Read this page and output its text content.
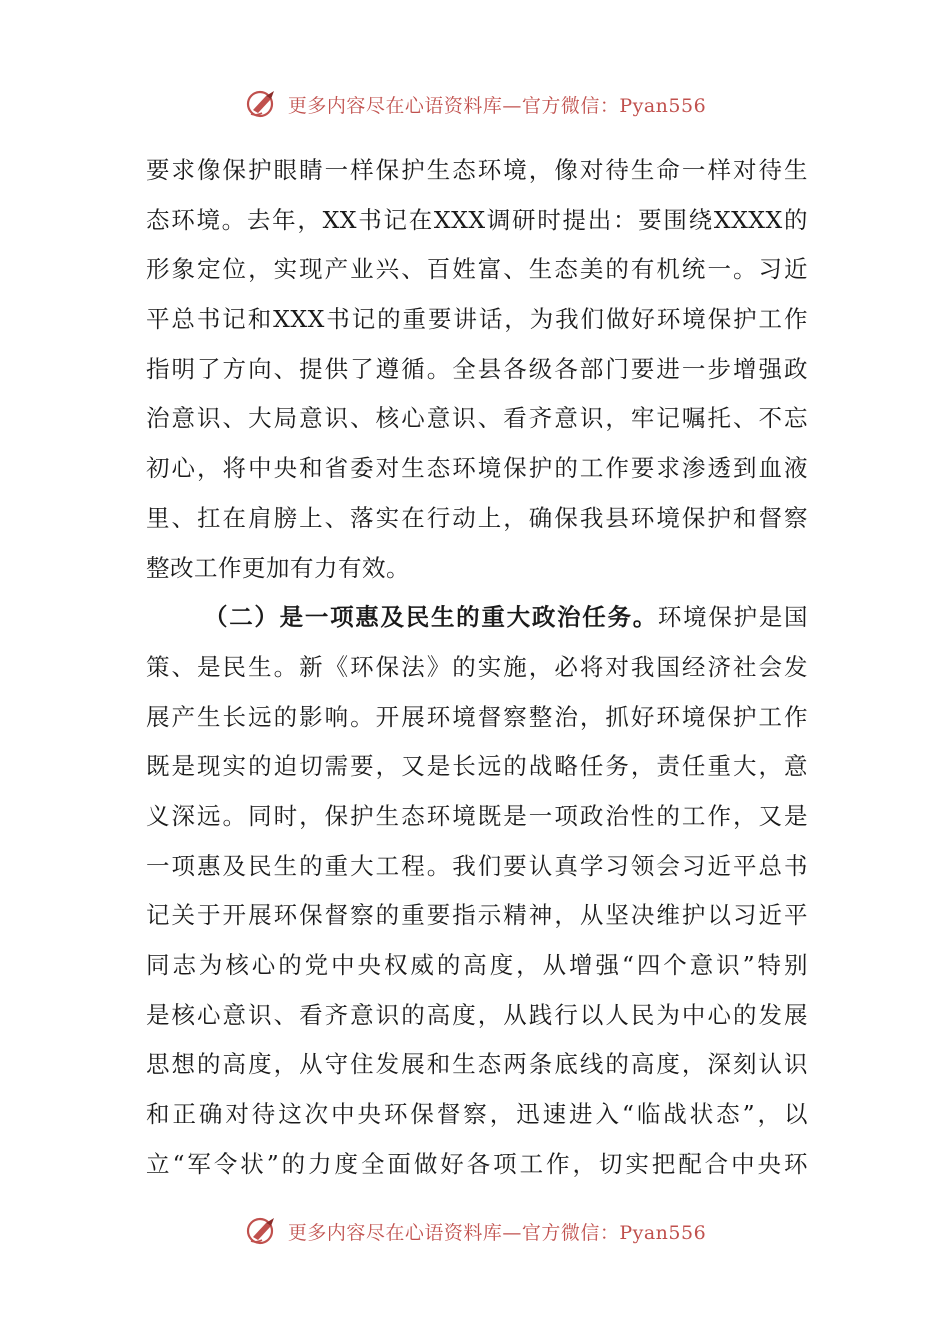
更多内容尽在心语资料库—官方微信：Pyan556
要求像保护眼睛一样保护生态环境，像对待生命一样对待生
态环境。去年，XX书记在XXX调研时提出：要围绕XXXX的
形象定位，实现产业兴、百姓富、生态美的有机统一。习近
平总书记和XXX书记的重要讲话，为我们做好环境保护工作
指明了方向、提供了遵循。全县各级各部门要进一步增强政
治意识、大局意识、核心意识、看齐意识，牢记嘱托、不忘
初心，将中央和省委对生态环境保护的工作要求渗透到血液
里、扛在肩膀上、落实在行动上，确保我县环境保护和督察
整改工作更加有力有效。
（二）是一项惠及民生的重大政治任务。环境保护是国
策、是民生。新《环保法》的实施，必将对我国经济社会发
展产生长远的影响。开展环境督察整治，抓好环境保护工作
既是现实的迫切需要，又是长远的战略任务，责任重大，意
义深远。同时，保护生态环境既是一项政治性的工作，又是
一项惠及民生的重大工程。我们要认真学习领会习近平总书
记关于开展环保督察的重要指示精神，从坚决维护以习近平
同志为核心的党中央权威的高度，从增强“四个意识”特别
是核心意识、看齐意识的高度，从践行以人民为中心的发展
思想的高度，从守住发展和生态两条底线的高度，深刻认识
和正确对待这次中央环保督察，迅速进入“临战状态”，以
立“军令状”的力度全面做好各项工作，切实把配合中央环
更多内容尽在心语资料库—官方微信：Pyan556
